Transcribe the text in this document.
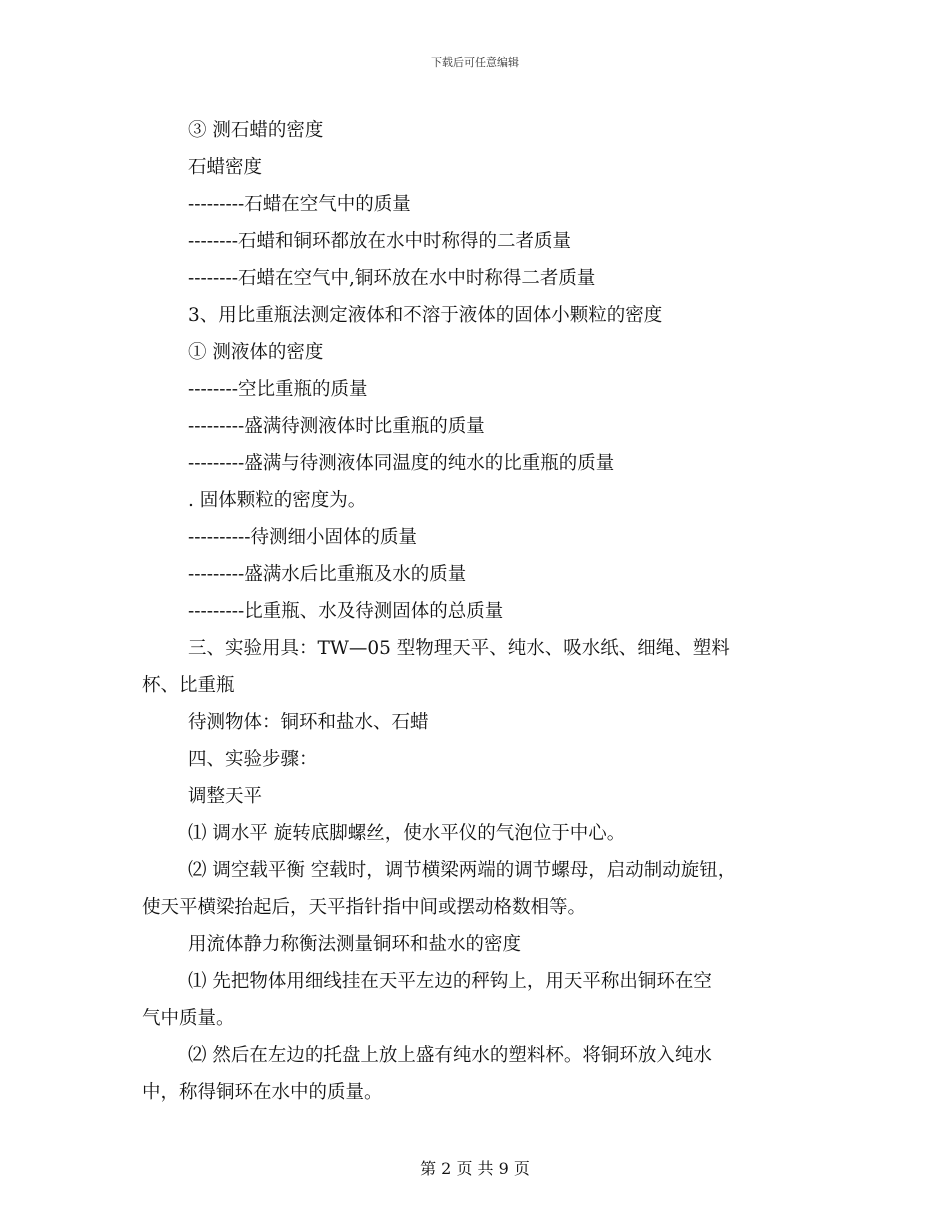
下载后可任意编辑
③ 测石蜡的密度
石蜡密度
---------石蜡在空气中的质量
--------石蜡和铜环都放在水中时称得的二者质量
--------石蜡在空气中,铜环放在水中时称得二者质量
3、用比重瓶法测定液体和不溶于液体的固体小颗粒的密度
① 测液体的密度
--------空比重瓶的质量
---------盛满待测液体时比重瓶的质量
---------盛满与待测液体同温度的纯水的比重瓶的质量
. 固体颗粒的密度为。
----------待测细小固体的质量
---------盛满水后比重瓶及水的质量
---------比重瓶、水及待测固体的总质量
三、实验用具：TW—05 型物理天平、纯水、吸水纸、细绳、塑料
杯、比重瓶
待测物体：铜环和盐水、石蜡
四、实验步骤：
调整天平
⑴ 调水平 旋转底脚螺丝，使水平仪的气泡位于中心。
⑵ 调空载平衡 空载时，调节横梁两端的调节螺母，启动制动旋钮，
使天平横梁抬起后，天平指针指中间或摆动格数相等。
用流体静力称衡法测量铜环和盐水的密度
⑴ 先把物体用细线挂在天平左边的秤钩上，用天平称出铜环在空
气中质量。
⑵ 然后在左边的托盘上放上盛有纯水的塑料杯。将铜环放入纯水
中，称得铜环在水中的质量。
第 2 页 共 9 页
